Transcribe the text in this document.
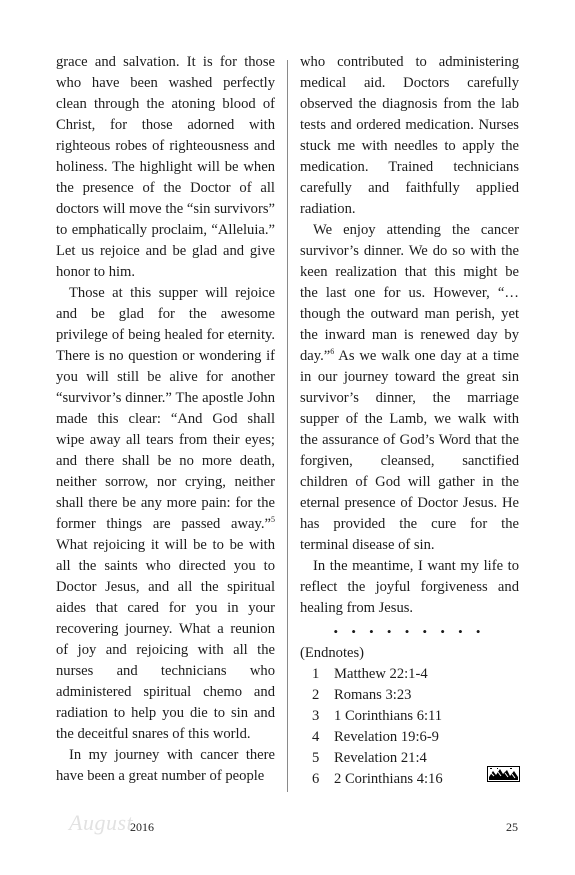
grace and salvation. It is for those who have been washed perfectly clean through the atoning blood of Christ, for those adorned with righteous robes of righteousness and holiness. The highlight will be when the presence of the Doctor of all doctors will move the “sin survivors” to emphatically proclaim, “Alleluia.” Let us rejoice and be glad and give honor to him.

Those at this supper will rejoice and be glad for the awesome privilege of being healed for eternity. There is no question or wondering if you will still be alive for another “survivor’s dinner.” The apostle John made this clear: “And God shall wipe away all tears from their eyes; and there shall be no more death, neither sorrow, nor crying, neither shall there be any more pain: for the former things are passed away.”$^5$ What rejoicing it will be to be with all the saints who directed you to Doctor Jesus, and all the spiritual aides that cared for you in your recovering journey. What a reunion of joy and rejoicing with all the nurses and technicians who administered spiritual chemo and radiation to help you die to sin and the deceitful snares of this world.

In my journey with cancer there have been a great number of people

who contributed to administering medical aid. Doctors carefully observed the diagnosis from the lab tests and ordered medication. Nurses stuck me with needles to apply the medication. Trained technicians carefully and faithfully applied radiation.

We enjoy attending the cancer survivor’s dinner. We do so with the keen realization that this might be the last one for us. However, “… though the outward man perish, yet the inward man is renewed day by day.”$^6$ As we walk one day at a time in our journey toward the great sin survivor’s dinner, the marriage supper of the Lamb, we walk with the assurance of God’s Word that the forgiven, cleansed, sanctified children of God will gather in the eternal presence of Doctor Jesus. He has provided the cure for the terminal disease of sin.

In the meantime, I want my life to reflect the joyful forgiveness and healing from Jesus.

• • • • • • • • •

(Endnotes)

1	Matthew 22:1-4
2	Romans 3:23
3	1 Corinthians 6:11
4	Revelation 19:6-9
5	Revelation 21:4
6	2 Corinthians 4:16
August
2016	25
